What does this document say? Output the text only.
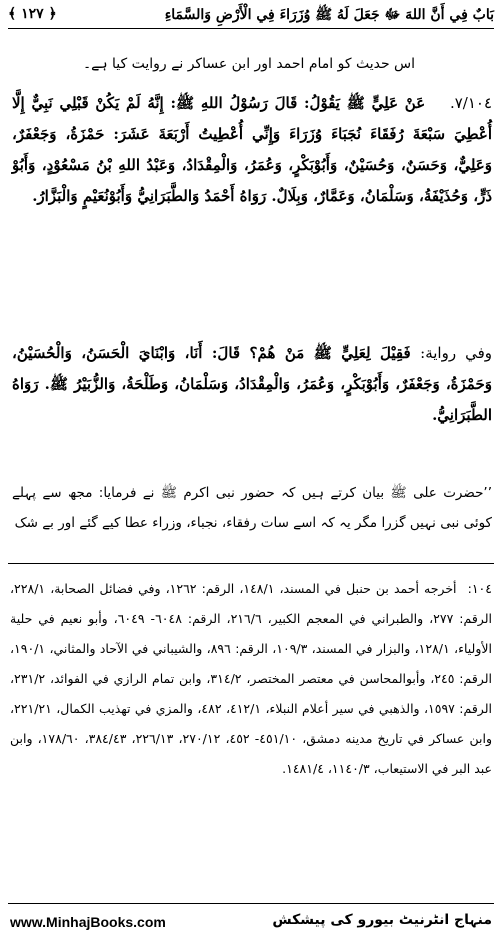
بَابٌ فِي أَنَّ اللهَ ﷻ جَعَلَ لَهُ ﷺ وُزَرَاءَ فِي الْأَرْضِ وَالسَّمَاءِ
﴿ ١٢٧ ﴾
اس حدیث کو امام احمد اور ابن عساکر نے روایت کیا ہے۔
٧/١٠٤. عَنْ عَلِيٍّ ﷺ يَقُوْلُ: قَالَ رَسُوْلُ اللهِ ﷺ: إِنَّهُ لَمْ يَكُنْ قَبْلِي نَبِيٌّ إِلَّا أُعْطِيَ سَبْعَةَ رُفَقَاءَ نُجَبَاءَ وُزَرَاءَ وَإِنِّي أُعْطِيتُ أَرْبَعَةَ عَشَرَ: حَمْزَةُ، وَجَعْفَرٌ، وَعَلِيٌّ، وَحَسَنٌ، وَحُسَيْنٌ، وَأَبُوْبَكْرٍ، وَعُمَرُ، وَالْمِقْدَادُ، وَعَبْدُ اللهِ بْنُ مَسْعُوْدٍ، وَأَبُوْ ذَرٍّ، وَحُذَيْفَةُ، وَسَلْمَانُ، وَعَمَّارٌ، وَبِلَالٌ. رَوَاهُ أَحْمَدُ وَالطَّبَرَانِيُّ وَأَبُوْنُعَيْمٍ وَالْبَزَّارُ.
وفي رواية: فَقِيْلَ لِعَلِيٍّ ﷺ مَنْ هُمْ؟ قَالَ: أَنَا، وَابْنَايَ الْحَسَنُ، وَالْحُسَيْنُ، وَحَمْزَةُ، وَجَعْفَرٌ، وَأَبُوْبَكْرٍ، وَعُمَرُ، وَالْمِقْدَادُ، وَسَلْمَانُ، وَطَلْحَةُ، وَالزُّبَيْرُ ﷺ. رَوَاهُ الطَّبَرَانِيُّ.
’’حضرت علی ﷺ بیان کرتے ہیں کہ حضور نبی اکرم ﷺ نے فرمایا: مجھ سے پہلے کوئی نبی نہیں گزرا مگر یہ کہ اسے سات رفقاء، نجباء، وزراء عطا کیے گئے اور بے شک
١٠٤: أخرجه أحمد بن حنبل في المسند، ١٤٨/١، الرقم: ١٢٦٢، وفي فضائل الصحابة، ٢٢٨/١، الرقم: ٢٧٧، والطبراني في المعجم الكبير، ٢١٦/٦، الرقم: ٦٠٤٨- ٦٠٤٩، وأبو نعيم في حلية الأولياء، ١٢٨/١، والبزار في المسند، ١٠٩/٣، الرقم: ٨٩٦، والشيباني في الآحاد والمثاني، ١٩٠/١، الرقم: ٢٤٥، وأبوالمحاسن في معتصر المختصر، ٣١٤/٢، وابن تمام الرازي في الفوائد، ٢٣١/٢، الرقم: ١٥٩٧، والذهبي في سير أعلام النبلاء، ٤١٢/١، ٤٨٢، والمزي في تهذيب الكمال، ٢٢١/٢١، وابن عساكر في تاريخ مدينه دمشق، ٤٥١/١٠- ٤٥٢، ٢٧٠/١٢، ٢٢٦/١٣، ٣٨٤/٤٣، ١٧٨/٦٠، وابن عبد البر في الاستيعاب، ١١٤٠/٣، ١٤٨١/٤.
www.MinhajBooks.com	منہاج انٹرنیٹ بیورو کی پیشکش
